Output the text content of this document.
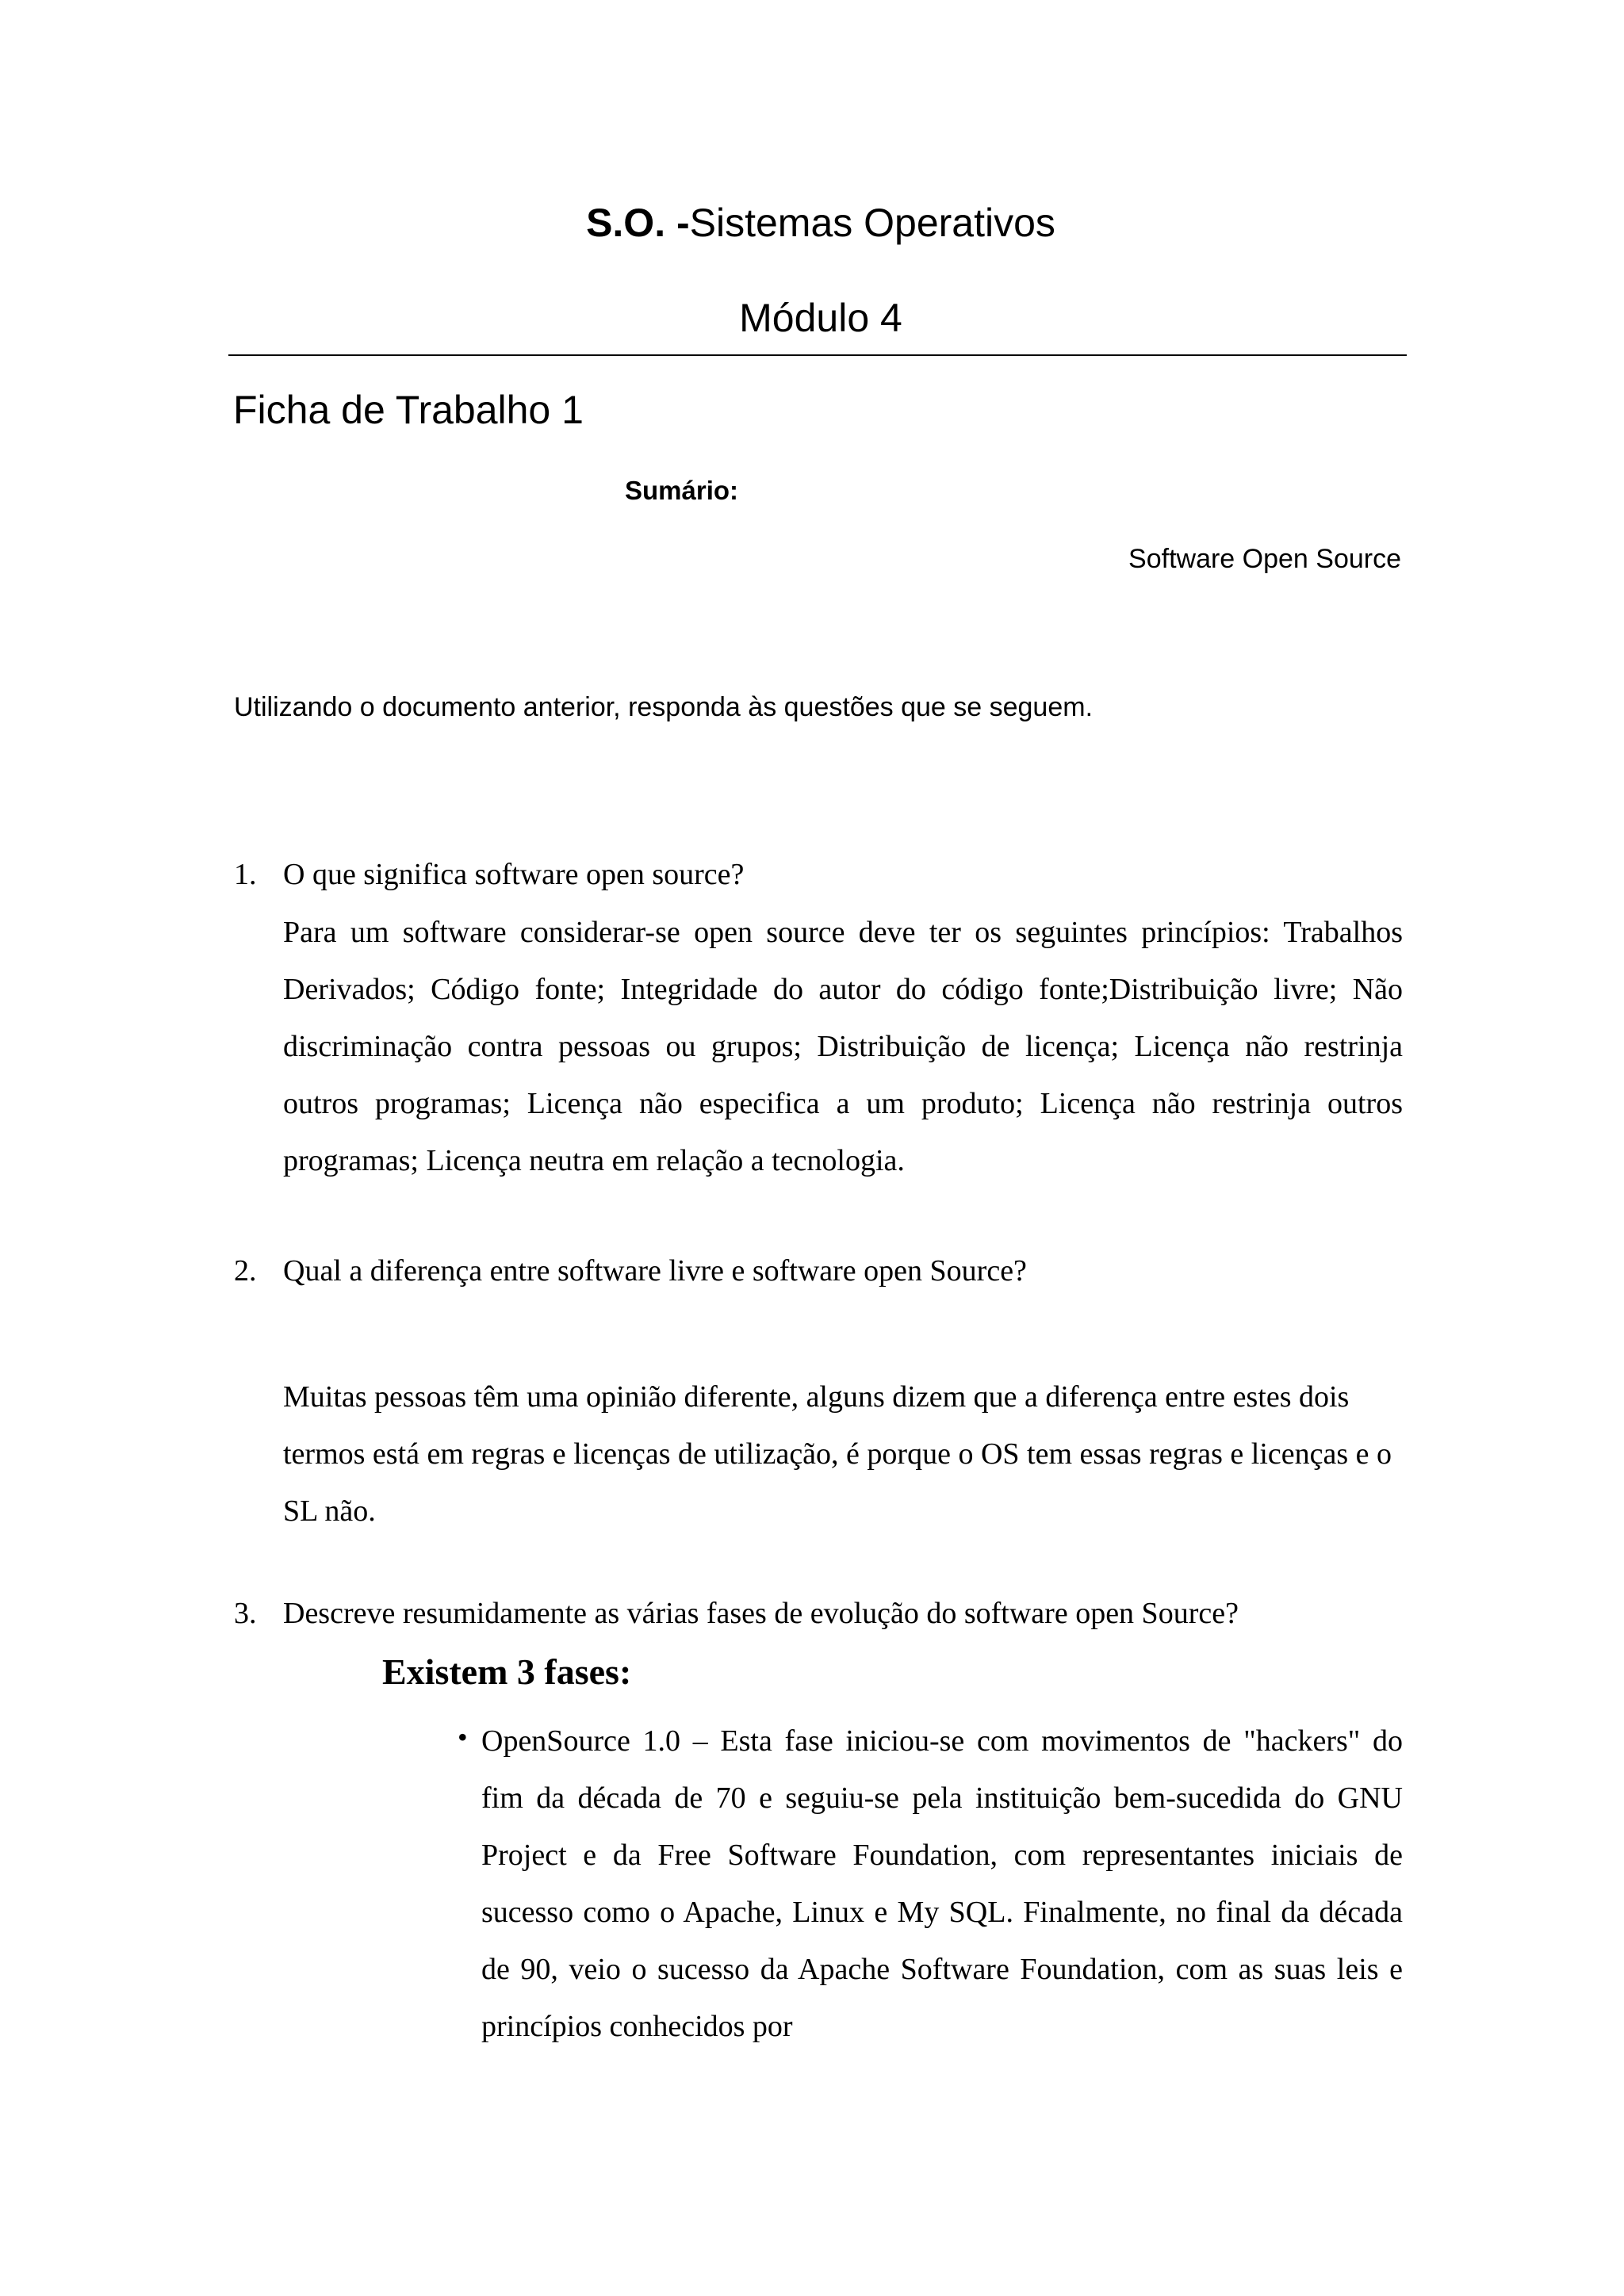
S.O. -Sistemas Operativos
Módulo 4
Ficha de Trabalho 1
Sumário:
Software Open Source
Utilizando o documento anterior, responda às questões que se seguem.
1. O que significa software open source?
Para um software considerar-se open source deve ter os seguintes princípios: Trabalhos Derivados; Código fonte; Integridade do autor do código fonte;Distribuição livre; Não discriminação contra pessoas ou grupos; Distribuição de licença; Licença não restrinja outros programas; Licença não especifica a um produto; Licença não restrinja outros programas; Licença neutra em relação a tecnologia.
2. Qual a diferença entre software livre e software open Source?
Muitas pessoas têm uma opinião diferente, alguns dizem que a diferença entre estes dois termos está em regras e licenças de utilização, é porque o OS tem essas regras e licenças e o SL não.
3. Descreve resumidamente as várias fases de evolução do software open Source?
Existem 3 fases:
• OpenSource 1.0 – Esta fase iniciou-se com movimentos de "hackers" do fim da década de 70 e seguiu-se pela instituição bem-sucedida do GNU Project e da Free Software Foundation, com representantes iniciais de sucesso como o Apache, Linux e My SQL. Finalmente, no final da década de 90, veio o sucesso da Apache Software Foundation, com as suas leis e princípios conhecidos por
